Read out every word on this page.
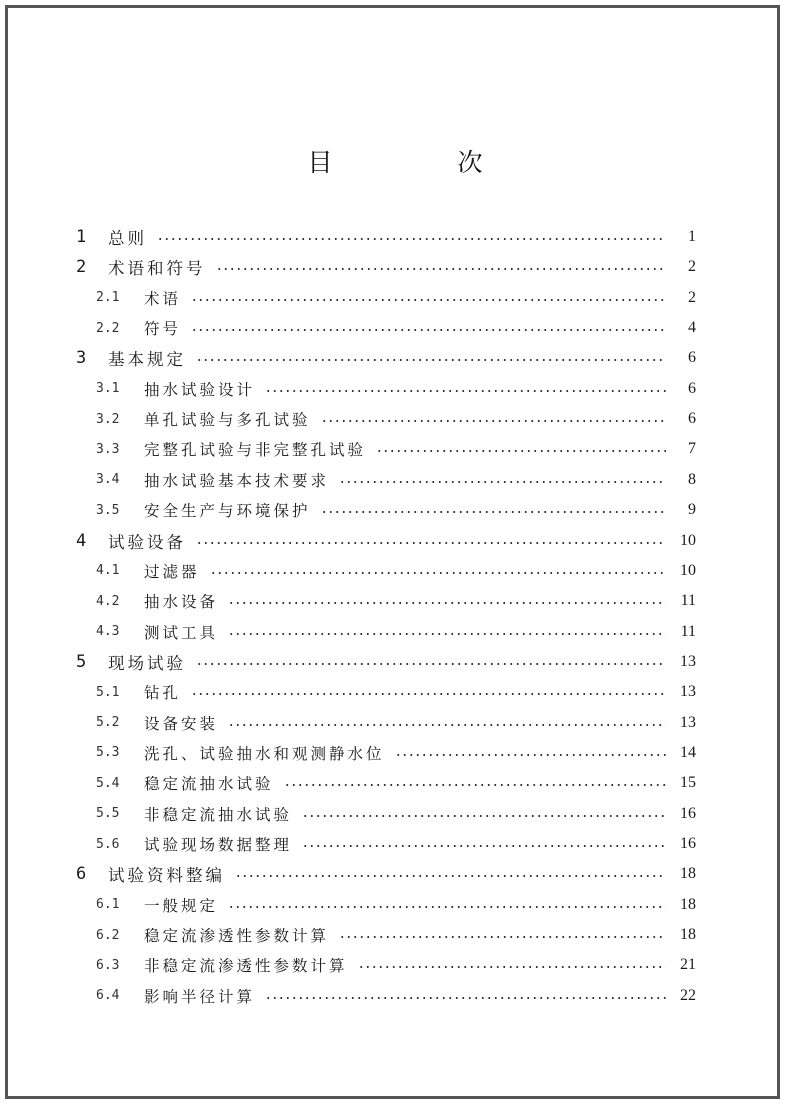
目　次
1	总则	1
2	术语和符号	2
2.1	术语	2
2.2	符号	4
3	基本规定	6
3.1	抽水试验设计	6
3.2	单孔试验与多孔试验	6
3.3	完整孔试验与非完整孔试验	7
3.4	抽水试验基本技术要求	8
3.5	安全生产与环境保护	9
4	试验设备	10
4.1	过滤器	10
4.2	抽水设备	11
4.3	测试工具	11
5	现场试验	13
5.1	钻孔	13
5.2	设备安装	13
5.3	洗孔、试验抽水和观测静水位	14
5.4	稳定流抽水试验	15
5.5	非稳定流抽水试验	16
5.6	试验现场数据整理	16
6	试验资料整编	18
6.1	一般规定	18
6.2	稳定流渗透性参数计算	18
6.3	非稳定流渗透性参数计算	21
6.4	影响半径计算	22
